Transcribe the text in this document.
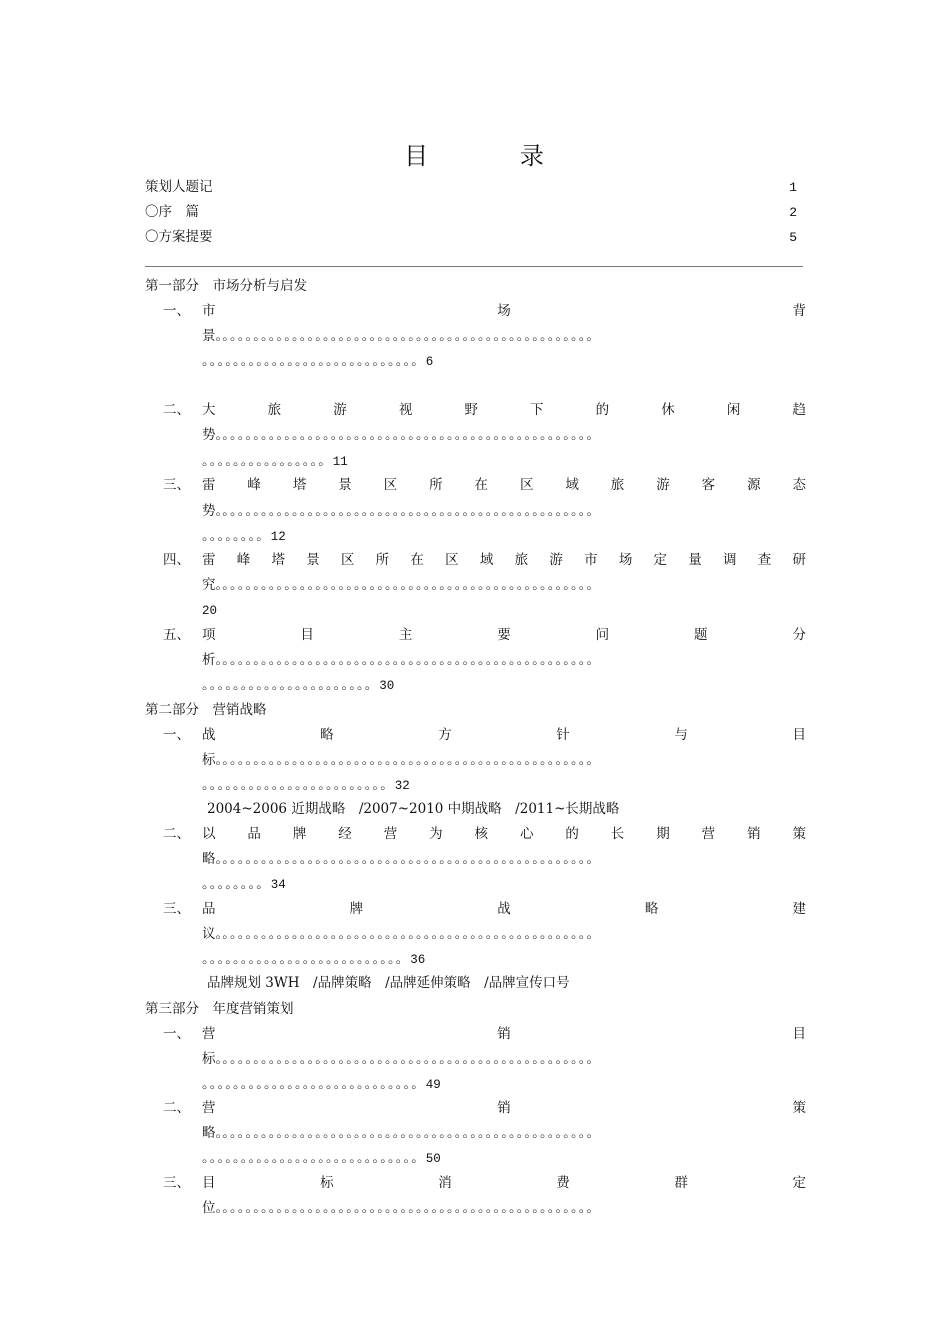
目	录
策划人题记	1
〇序　篇	2
〇方案提要	5
第一部分　市场分析与启发
一、 市	场	背
景。。。。。。。。。。。。。。。。。。。。。。。。。。。。。。。。。。。。。。。。。。。。。。。。。
。。。。。。。。。。。。。。。。。。。。。。。。。。。。6
二、 大	旅	游	视	野	下	的	休	闲	趋
势。。。。。。。。。。。。。。。。。。。。。。。。。。。。。。。。。。。。。。。。。。。。。。。。。
。。。。。。。。。。。。。。。。11
三、 雷 峰 塔 景 区 所 在 区 域 旅 游 客 源 态
势。。。。。。。。。。。。。。。。。。。。。。。。。。。。。。。。。。。。。。。。。。。。。。。。。
。。。。。。。。12
四、 雷 峰 塔 景 区 所 在 区 域 旅 游 市 场 定 量 调 查 研
究。。。。。。。。。。。。。。。。。。。。。。。。。。。。。。。。。。。。。。。。。。。。。。。。。
20
五、 项	目	主	要	问	题	分
析。。。。。。。。。。。。。。。。。。。。。。。。。。。。。。。。。。。。。。。。。。。。。。。。。
。。。。。。。。。。。。。。。。。。。。。。30
第二部分　营销战略
一、 战	略	方	针	与	目
标。。。。。。。。。。。。。。。。。。。。。。。。。。。。。。。。。。。。。。。。。。。。。。。。。
。。。。。。。。。。。。。。。。。。。。。。。。32
2004~2006 近期战略　/2007~2010 中期战略　/2011~长期战略
二、 以 品 牌 经 营 为 核 心 的 长 期 营 销 策
略。。。。。。。。。。。。。。。。。。。。。。。。。。。。。。。。。。。。。。。。。。。。。。。。。
。。。。。。。。34
三、 品	牌	战	略	建
议。。。。。。。。。。。。。。。。。。。。。。。。。。。。。。。。。。。。。。。。。。。。。。。。。
。。。。。。。。。。。。。。。。。。。。。。。。。。36
品牌规划 3WH　/品牌策略　/品牌延伸策略　/品牌宣传口号
第三部分　年度营销策划
一、 营	销	目
标。。。。。。。。。。。。。。。。。。。。。。。。。。。。。。。。。。。。。。。。。。。。。。。。。
。。。。。。。。。。。。。。。。。。。。。。。。。。。。49
二、 营	销	策
略。。。。。。。。。。。。。。。。。。。。。。。。。。。。。。。。。。。。。。。。。。。。。。。。。
。。。。。。。。。。。。。。。。。。。。。。。。。。。。50
三、 目	标	消	费	群	定
位。。。。。。。。。。。。。。。。。。。。。。。。。。。。。。。。。。。。。。。。。。。。。。。。。
